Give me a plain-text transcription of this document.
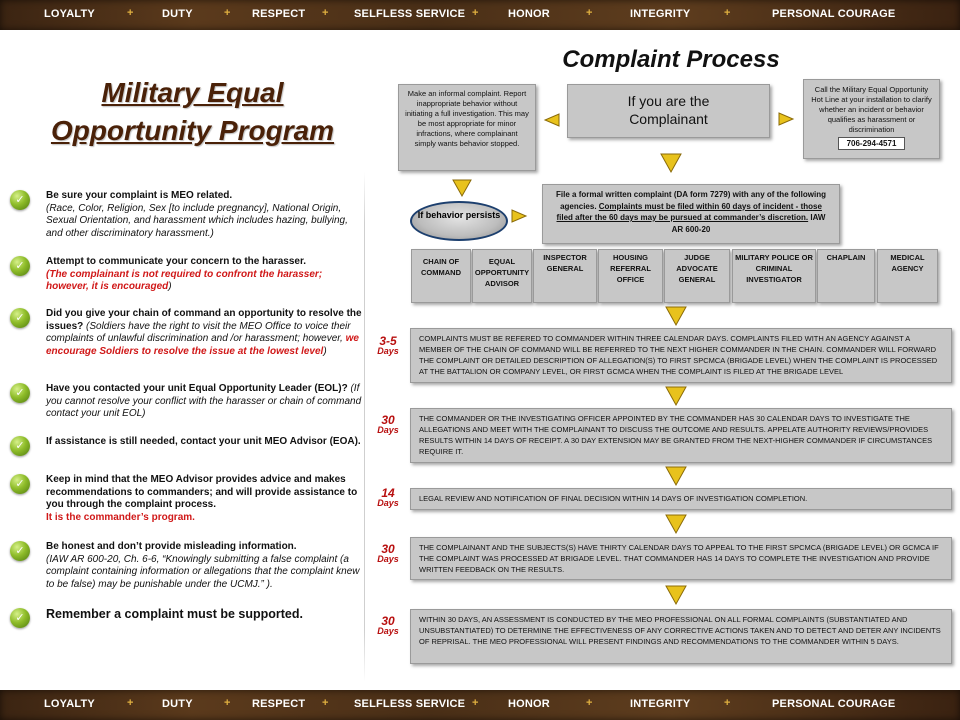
LOYALTY	+	DUTY	+ RESPECT + SELFLESS SERVICE +	HONOR	+	INTEGRITY	+	PERSONAL COURAGE
Military Equal
Opportunity Program
✓	Be sure your complaint is MEO related.
(Race, Color, Religion, Sex [to include pregnancy], National Origin, Sexual Orientation, and harassment which includes hazing, bullying, and other discriminatory harassment.)
✓	Attempt to communicate your concern to the harasser.
(The complainant is not required to confront the harasser; however, it is encouraged)
✓	Did you give your chain of command an opportunity to resolve the issues? (Soldiers have the right to visit the MEO Office to voice their complaints of unlawful discrimination and /or harassment; however, we encourage Soldiers to resolve the issue at the lowest level)
✓	Have you contacted your unit Equal Opportunity Leader (EOL)? (If you cannot resolve your conflict with the harasser or chain of command contact your unit EOL)
✓	If assistance is still needed, contact your unit MEO Advisor (EOA).
✓	Keep in mind that the MEO Advisor provides advice and makes recommendations to commanders; and will provide assistance to you through the complaint process.
It is the commander’s program.
✓	Be honest and don’t provide misleading information.
(IAW AR 600-20, Ch. 6-6, “Knowingly submitting a false complaint (a complaint containing information or allegations that the complaint knew to be false) may be punishable under the UCMJ.” ).
✓	Remember a complaint must be supported.
Complaint Process
Make an informal complaint. Report inappropriate behavior without initiating a full investigation. This may be most appropriate for minor infractions, where complainant simply wants behavior stopped.
If you are the
Complainant
Call the Military Equal Opportunity Hot Line at your installation to clarify whether an incident or behavior qualifies as harassment or discrimination
706-294-4571
If behavior persists
File a formal written complaint (DA form 7279) with any of the following agencies. Complaints must be filed within 60 days of incident - those filed after the 60 days may be pursued at commander’s discretion. IAW AR 600-20
CHAIN OF COMMAND
EQUAL OPPORTUNITY ADVISOR
INSPECTOR GENERAL
HOUSING REFERRAL OFFICE
JUDGE ADVOCATE GENERAL
MILITARY POLICE OR CRIMINAL INVESTIGATOR
CHAPLAIN	MEDICAL AGENCY
3-5
Days
COMPLAINTS MUST BE REFERED TO COMMANDER WITHIN THREE CALENDAR DAYS. COMPLAINTS FILED WITH AN AGENCY AGAINST A MEMBER OF THE CHAIN OF COMMAND WILL BE REFERRED TO THE NEXT HIGHER COMMANDER IN THE CHAIN. COMMANDER WILL FORWARD THE COMPLAINT OR DETAILED DESCRIPTION OF ALLEGATION(S) TO FIRST SPCMCA (BRIGADE LEVEL) WHEN THE COMPLAINT IS PROCESSED AT THE BATTALION OR COMPANY LEVEL, OR FIRST GCMCA WHEN THE COMPLAINT IS FILED AT THE BRIGADE LEVEL
30
Days
THE COMMANDER OR THE INVESTIGATING OFFICER APPOINTED BY THE COMMANDER HAS 30 CALENDAR DAYS TO INVESTIGATE THE ALLEGATIONS AND MEET WITH THE COMPLAINANT TO DISCUSS THE OUTCOME AND RESULTS. APPELATE AUTHORITY REVIEWS/PROVIDES RESULTS WITHIN 14 DAYS OF RECEIPT. A 30 DAY EXTENSION MAY BE GRANTED FROM THE NEXT-HIGHER COMMANDER IF CIRCUMSTANCES REQUIRE IT.
14
Days	LEGAL REVIEW AND NOTIFICATION OF FINAL DECISION WITHIN 14 DAYS OF INVESTIGATION COMPLETION.
30
Days
THE COMPLAINANT AND THE SUBJECTS(S) HAVE THIRTY CALENDAR DAYS TO APPEAL TO THE FIRST SPCMCA (BRIGADE LEVEL) OR GCMCA IF THE COMPLAINT WAS PROCESSED AT BRIGADE LEVEL. THAT COMMANDER HAS 14 DAYS TO COMPLETE THE INVESTIGATION AND PROVIDE WRITTEN FEEDBACK ON THE RESULTS.
30
Days
WITHIN 30 DAYS, AN ASSESSMENT IS CONDUCTED BY THE MEO PROFESSIONAL ON ALL FORMAL COMPLAINTS (SUBSTANTIATED AND UNSUBSTANTIATED) TO DETERMINE THE EFFECTIVENESS OF ANY CORRECTIVE ACTIONS TAKEN AND TO DETECT AND DETER ANY INCIDENTS OF REPRISAL. THE MEO PROFESSIONAL WILL PRESENT FINDINGS AND RECOMMENDATIONS TO THE COMMANDER WITHIN 5 DAYS.
LOYALTY	+	DUTY	+ RESPECT + SELFLESS SERVICE +	HONOR	+	INTEGRITY	+	PERSONAL COURAGE
